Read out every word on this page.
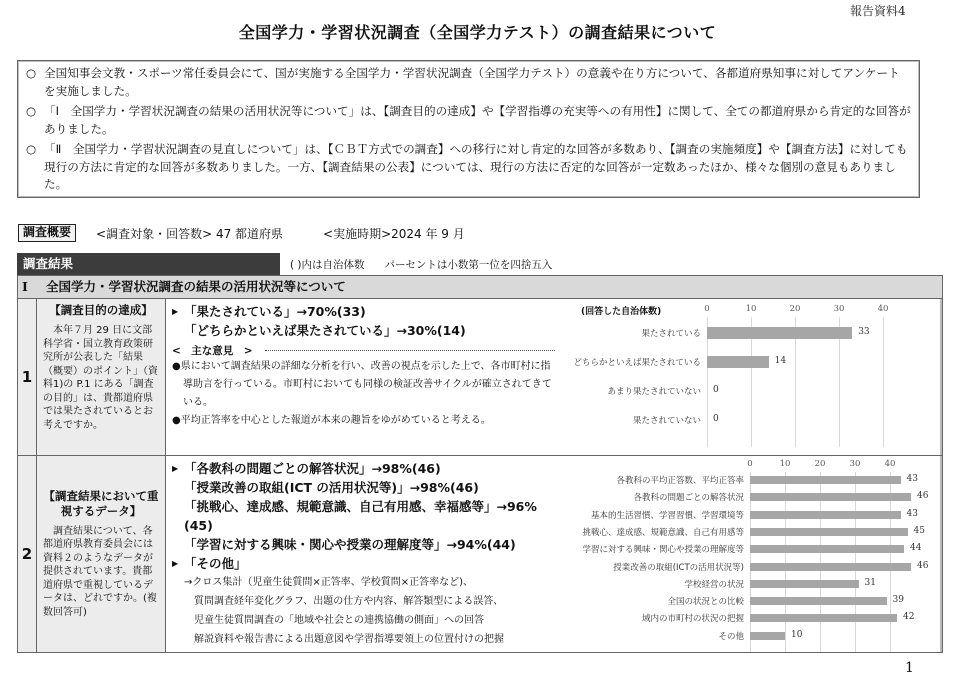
報告資料4
全国学力・学習状況調査（全国学力テスト）の調査結果について

○ 全国知事会文教・スポーツ常任委員会にて、国が実施する全国学力・学習状況調査（全国学力テスト）の意義や在り方について、各都道府県知事に対してアンケートを実施しました。

○ 「Ⅰ　全国学力・学習状況調査の結果の活用状況等について」は、【調査目的の達成】や【学習指導の充実等への有用性】に関して、全ての都道府県から肯定的な回答がありました。

○ 「Ⅱ　全国学力・学習状況調査の見直しについて」は、【ＣＢＴ方式での調査】への移行に対し肯定的な回答が多数あり、【調査の実施頻度】や【調査方法】に対しても現行の方法に肯定的な回答が多数ありました。一方、【調査結果の公表】については、現行の方法に否定的な回答が一定数あったほか、様々な個別の意見もありました。

調査概要	<調査対象・回答数> 47 都道府県	<実施時期>2024 年 9 月
調査結果	( )内は自治体数 パーセントは小数第一位を四捨五入
Ⅰ 全国学力・学習状況調査の結果の活用状況等について
1
【調査目的の達成】
本年７月 29 日に文部科学省・国立教育政策研究所が公表した「結果（概要）のポイント」（資料1)の P.1 にある「調査の目的」は、貴都道府県では果たされているとお考えですか。
▶ 「果たされている」→70%(33)
「どちらかといえば果たされている」→30%(14)
<　主な意見　>
●県において調査結果の詳細な分析を行い、改善の視点を示した上で、各市町村に指導助言を行っている。市町村においても同様の検証改善サイクルが確立されてきている。
●平均正答率を中心とした報道が本来の趣旨をゆがめていると考える。
(回答した自治体数)	0	10	20	30	40
果たされている	33
どちらかといえば果たされている	14
あまり果たされていない 0
果たされていない 0
2
【調査結果において重視するデータ】
調査結果について、各都道府県教育委員会には資料２のようなデータが提供されています。貴都道府県で重視しているデータは、どれですか。(複数回答可)
▶ 「各教科の問題ごとの解答状況」→98%(46)
「授業改善の取組(ICT の活用状況等)」→98%(46)
「挑戦心、達成感、規範意識、自己有用感、幸福感等」→96%(45)
「学習に対する興味・関心や授業の理解度等」→94%(44)
▶ 「その他」
→クロス集計（児童生徒質問×正答率、学校質問×正答率など)、
質問調査経年変化グラフ、出題の仕方や内容、解答類型による誤答、
児童生徒質問調査の「地域や社会との連携協働の側面」への回答
解説資料や報告書による出題意図や学習指導要領上の位置付けの把握
0	10	20	30	40
各教科の平均正答数、平均正答率	43
各教科の問題ごとの解答状況	46
基本的生活習慣、学習習慣、学習環境等	43
挑戦心、達成感、規範意識、自己有用感等	45
学習に対する興味・関心や授業の理解度等	44
授業改善の取組(ICTの活用状況等)	46
学校経営の状況	31
全国の状況との比較	39
域内の市町村の状況の把握	42
その他	10
1
